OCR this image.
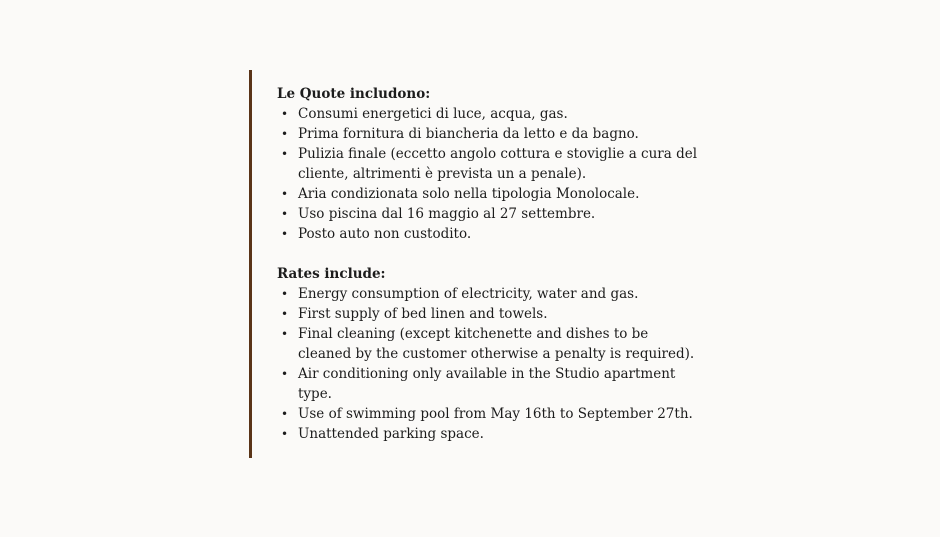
Le Quote includono:

• Consumi energetici di luce, acqua, gas.
• Prima fornitura di biancheria da letto e da bagno.
• Pulizia finale (eccetto angolo cottura e stoviglie a cura del cliente, altrimenti è prevista un a penale).
• Aria condizionata solo nella tipologia Monolocale.
• Uso piscina dal 16 maggio al 27 settembre.
• Posto auto non custodito.

Rates include:

• Energy consumption of electricity, water and gas.
• First supply of bed linen and towels.
• Final cleaning (except kitchenette and dishes to be cleaned by the customer otherwise a penalty is required).
• Air conditioning only available in the Studio apartment type.
• Use of swimming pool from May 16th to September 27th.
• Unattended parking space.
